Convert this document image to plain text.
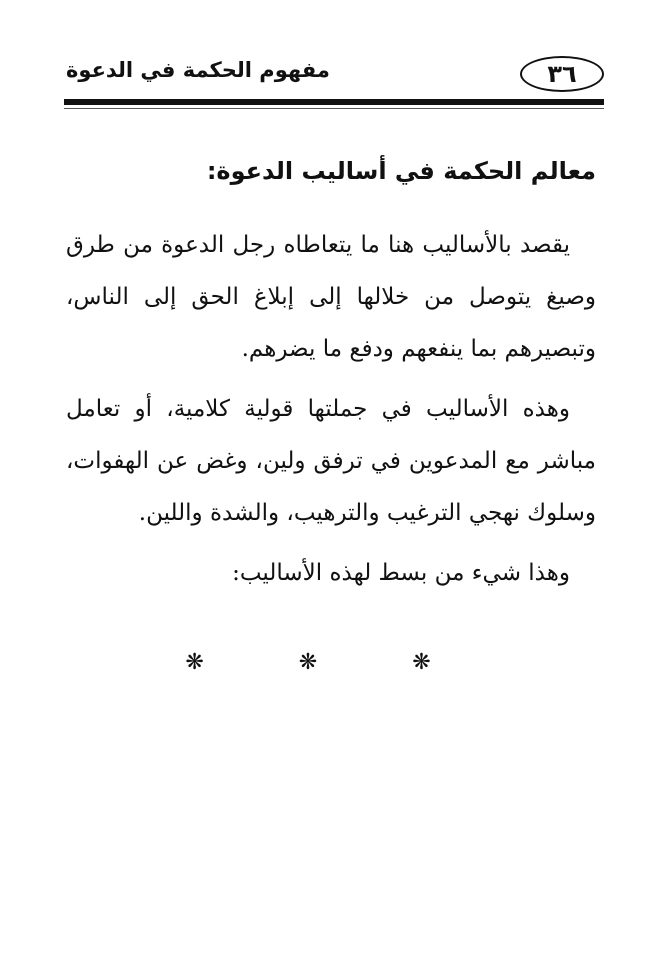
٣٦
مفهوم الحكمة في الدعوة
معالم الحكمة في أساليب الدعوة:

يقصد بالأساليب هنا ما يتعاطاه رجل الدعوة من طرق وصيغ يتوصل من خلالها إلى إبلاغ الحق إلى الناس، وتبصيرهم بما ينفعهم ودفع ما يضرهم.

وهذه الأساليب في جملتها قولية كلامية، أو تعامل مباشر مع المدعوين في ترفق ولين، وغض عن الهفوات، وسلوك نهجي الترغيب والترهيب، والشدة واللين.

وهذا شيء من بسط لهذه الأساليب:

❋	❋	❋
